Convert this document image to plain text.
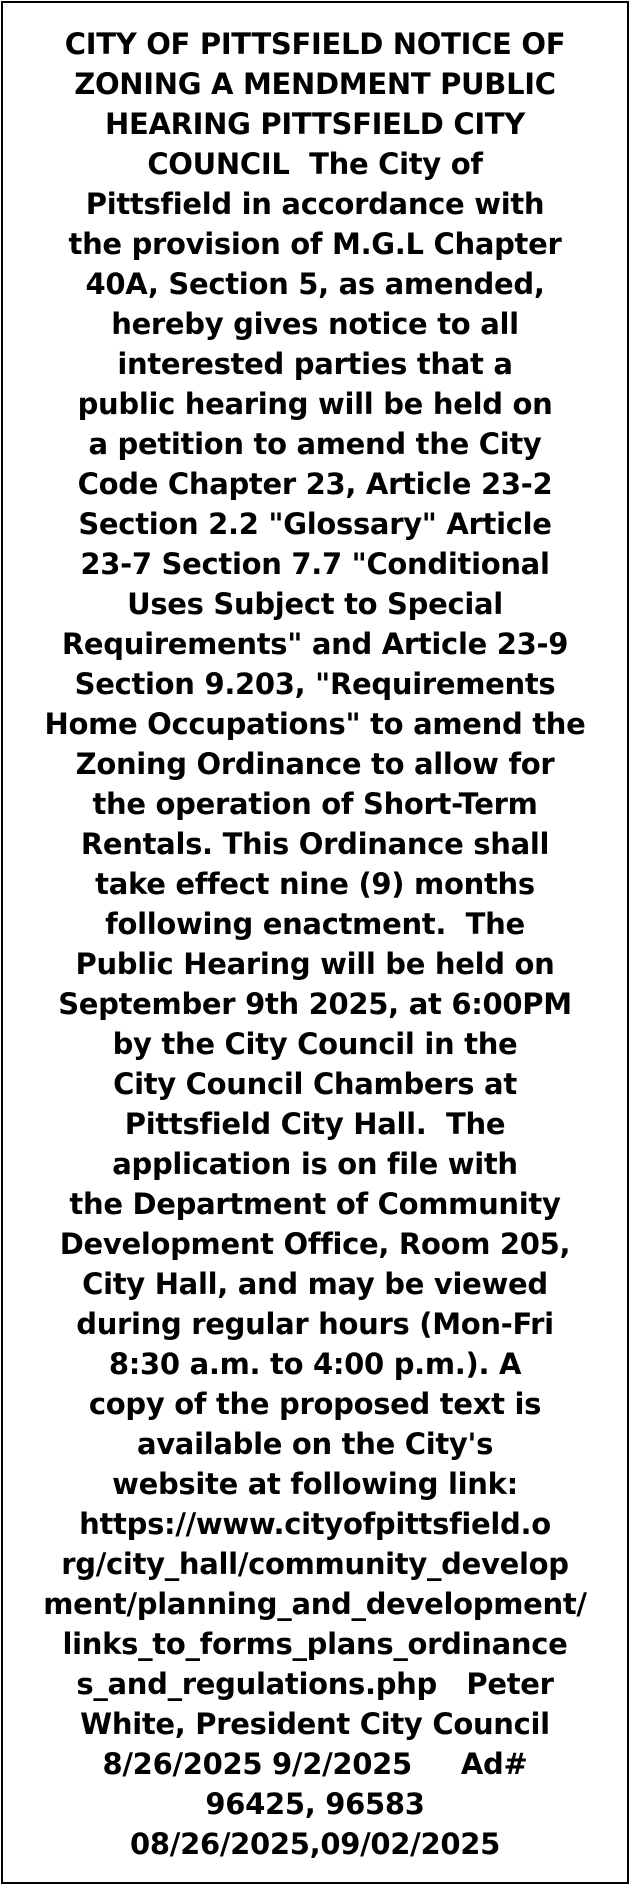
CITY OF PITTSFIELD NOTICE OF
ZONING A MENDMENT PUBLIC
HEARING PITTSFIELD CITY
COUNCIL  The City of
Pittsfield in accordance with
the provision of M.G.L Chapter
40A, Section 5, as amended,
hereby gives notice to all
interested parties that a
public hearing will be held on
a petition to amend the City
Code Chapter 23, Article 23-2
Section 2.2 "Glossary" Article
23-7 Section 7.7 "Conditional
Uses Subject to Special
Requirements" and Article 23-9
Section 9.203, "Requirements
Home Occupations" to amend the
Zoning Ordinance to allow for
the operation of Short-Term
Rentals. This Ordinance shall
take effect nine (9) months
following enactment.  The
Public Hearing will be held on
September 9th 2025, at 6:00PM
by the City Council in the
City Council Chambers at
Pittsfield City Hall.  The
application is on file with
the Department of Community
Development Office, Room 205,
City Hall, and may be viewed
during regular hours (Mon-Fri
8:30 a.m. to 4:00 p.m.). A
copy of the proposed text is
available on the City's
website at following link:
https://www.cityofpittsfield.o
rg/city_hall/community_develop
ment/planning_and_development/
links_to_forms_plans_ordinance
s_and_regulations.php   Peter
White, President City Council
8/26/2025 9/2/2025     Ad#
96425, 96583
08/26/2025,09/02/2025
